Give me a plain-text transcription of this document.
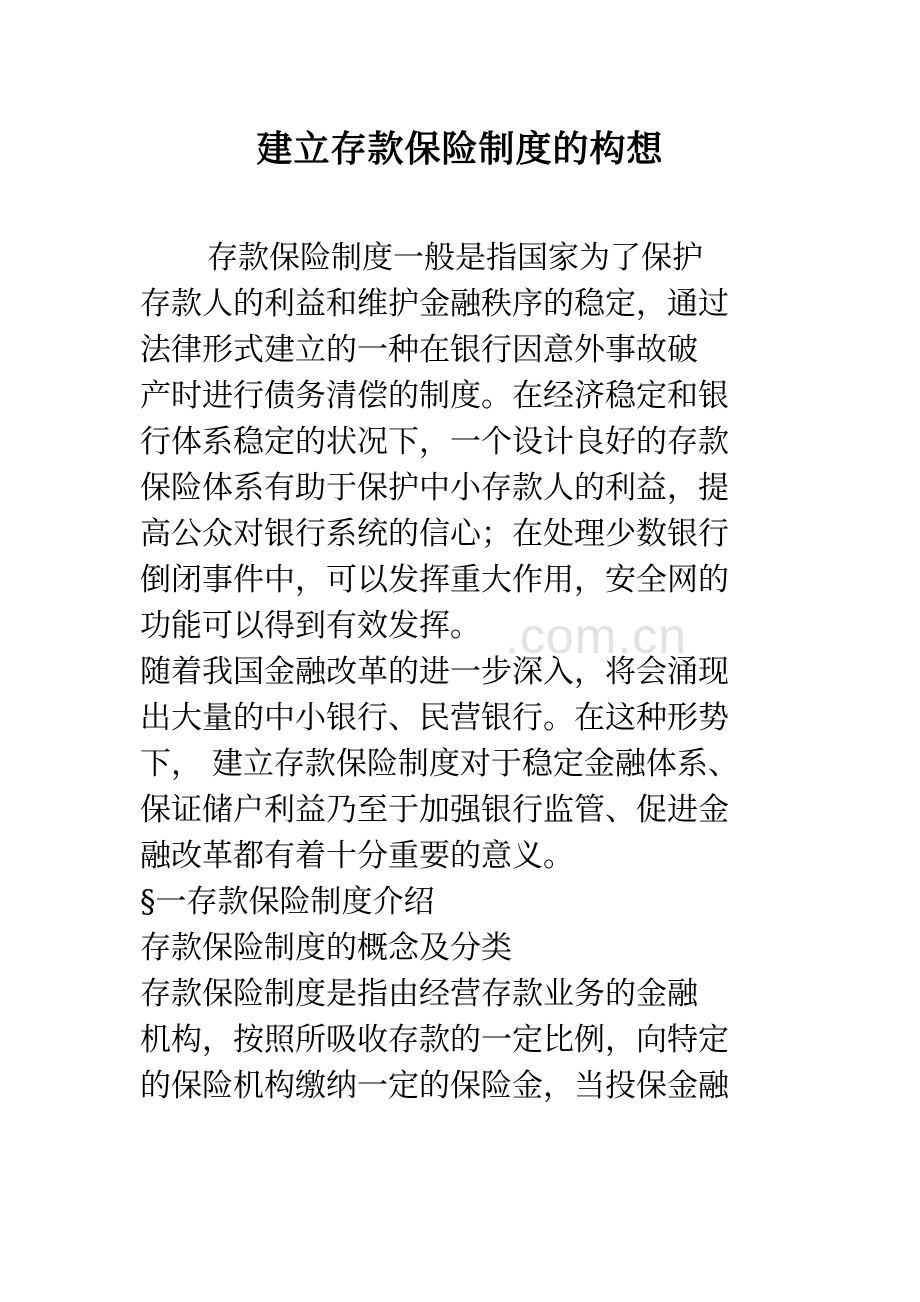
建立存款保险制度的构想
存款保险制度一般是指国家为了保护
存款人的利益和维护金融秩序的稳定，通过
法律形式建立的一种在银行因意外事故破
产时进行债务清偿的制度。在经济稳定和银
行体系稳定的状况下，一个设计良好的存款
保险体系有助于保护中小存款人的利益，提
高公众对银行系统的信心；在处理少数银行
倒闭事件中，可以发挥重大作用，安全网的
功能可以得到有效发挥。
随着我国金融改革的进一步深入，将会涌现
出大量的中小银行、民营银行。在这种形势
下， 建立存款保险制度对于稳定金融体系、
保证储户利益乃至于加强银行监管、促进金
融改革都有着十分重要的意义。
§一存款保险制度介绍
存款保险制度的概念及分类
存款保险制度是指由经营存款业务的金融
机构，按照所吸收存款的一定比例，向特定
的保险机构缴纳一定的保险金，当投保金融
.com.cn
